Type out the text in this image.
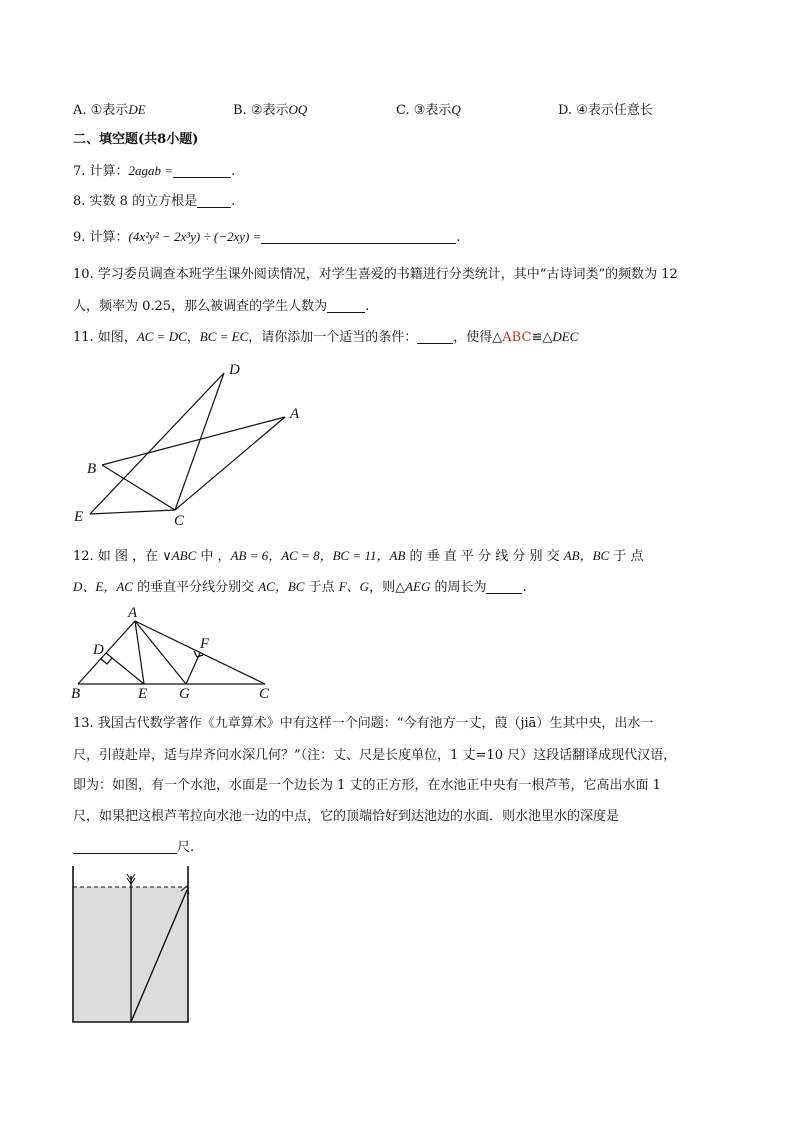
A. ①表示DE	B. ②表示OQ	C. ③表示Q	D. ④表示任意长
二、填空题(共8小题)
7. 计算：2agab =	.
8. 实数 8 的立方根是	.
9. 计算：(4x²y² − 2x³y) ÷ (−2xy) =	.
10. 学习委员调查本班学生课外阅读情况，对学生喜爱的书籍进行分类统计，其中“古诗词类”的频数为 12
人，频率为 0.25，那么被调查的学生人数为	.
11. 如图，AC = DC，BC = EC，请你添加一个适当的条件：	，使得△ABC≌△DEC
D
A
B
E	C
12. 如 图 ，在 ∨ABC 中 ，AB = 6，AC = 8，BC = 11，AB 的 垂 直 平 分 线 分 别 交 AB，BC 于 点
D、E，AC 的垂直平分线分别交 AC，BC 于点 F、G，则△AEG 的周长为	.
A
D	F
B	E G	C
13. 我国古代数学著作《九章算术》中有这样一个问题：“今有池方一丈，葭（jiā）生其中央，出水一
尺，引葭赴岸，适与岸齐问水深几何？”（注：丈、尺是长度单位，1 丈=10 尺）这段话翻译成现代汉语，
即为：如图，有一个水池，水面是一个边长为 1 丈的正方形，在水池正中央有一根芦苇，它高出水面 1
尺，如果把这根芦苇拉向水池一边的中点，它的顶端恰好到达池边的水面．则水池里水的深度是
尺.
